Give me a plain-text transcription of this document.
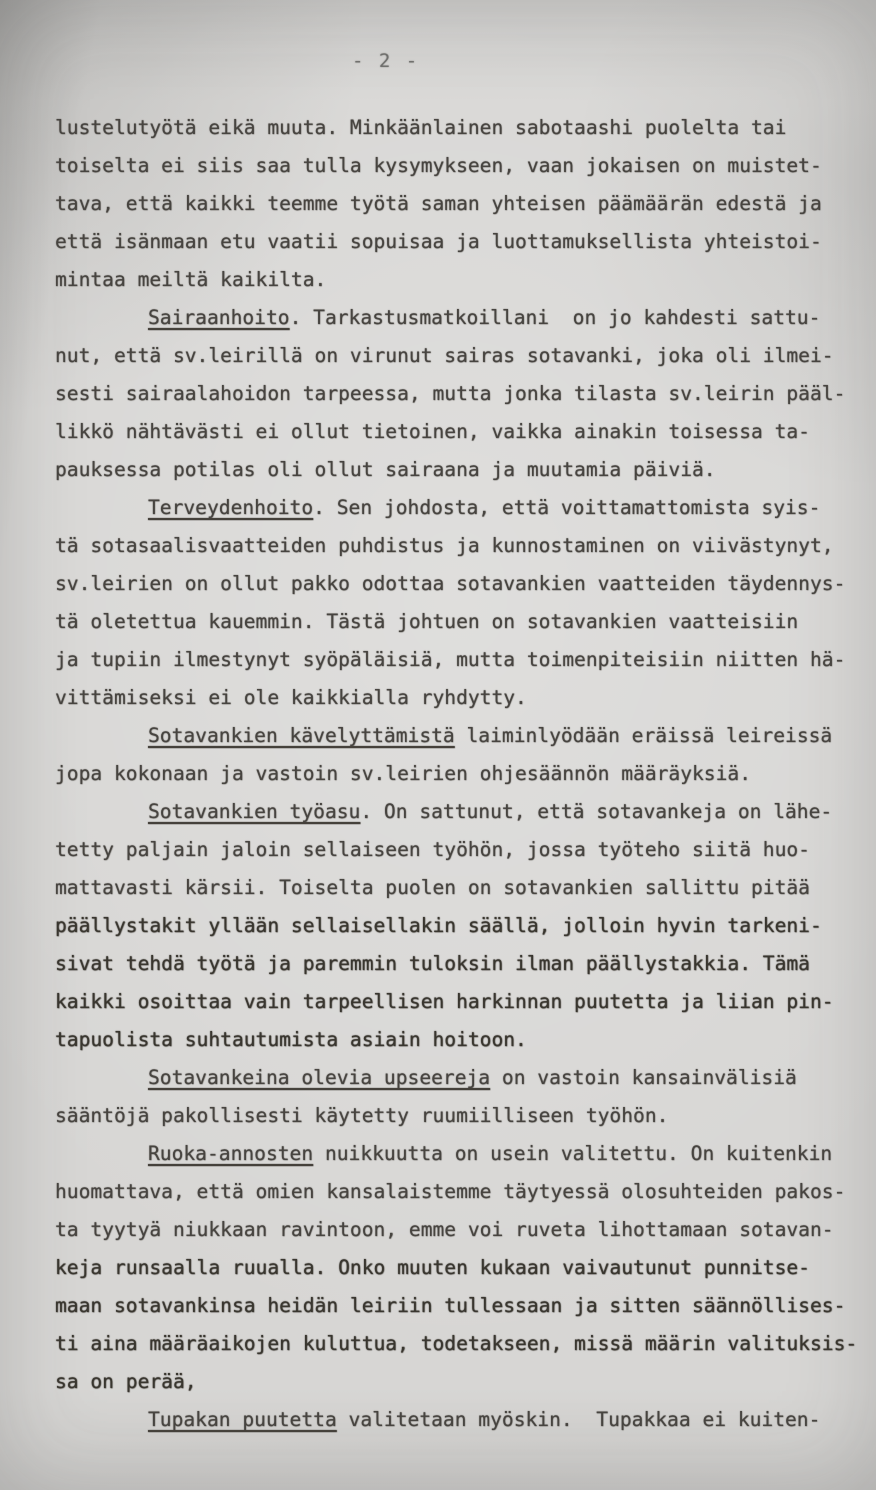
- 2 -
lustelutyötä eikä muuta. Minkäänlainen sabotaashi puolelta tai
toiselta ei siis saa tulla kysymykseen, vaan jokaisen on muistet-
tava, että kaikki teemme työtä saman yhteisen päämäärän edestä ja
että isänmaan etu vaatii sopuisaa ja luottamuksellista yhteistoi-
mintaa meiltä kaikilta.
Sairaanhoito. Tarkastusmatkoillani  on jo kahdesti sattu-
nut, että sv.leirillä on virunut sairas sotavanki, joka oli ilmei-
sesti sairaalahoidon tarpeessa, mutta jonka tilasta sv.leirin pääl-
likkö nähtävästi ei ollut tietoinen, vaikka ainakin toisessa ta-
pauksessa potilas oli ollut sairaana ja muutamia päiviä.
Terveydenhoito. Sen johdosta, että voittamattomista syis-
tä sotasaalisvaatteiden puhdistus ja kunnostaminen on viivästynyt,
sv.leirien on ollut pakko odottaa sotavankien vaatteiden täydennys-
tä oletettua kauemmin. Tästä johtuen on sotavankien vaatteisiin
ja tupiin ilmestynyt syöpäläisiä, mutta toimenpiteisiin niitten hä-
vittämiseksi ei ole kaikkialla ryhdytty.
Sotavankien kävelyttämistä laiminlyödään eräissä leireissä
jopa kokonaan ja vastoin sv.leirien ohjesäännön määräyksiä.
Sotavankien työasu. On sattunut, että sotavankeja on lähe-
tetty paljain jaloin sellaiseen työhön, jossa työteho siitä huo-
mattavasti kärsii. Toiselta puolen on sotavankien sallittu pitää
päällystakit yllään sellaisellakin säällä, jolloin hyvin tarkeni-
sivat tehdä työtä ja paremmin tuloksin ilman päällystakkia. Tämä
kaikki osoittaa vain tarpeellisen harkinnan puutetta ja liian pin-
tapuolista suhtautumista asiain hoitoon.
Sotavankeina olevia upseereja on vastoin kansainvälisiä
sääntöjä pakollisesti käytetty ruumiilliseen työhön.
Ruoka-annosten nuikkuutta on usein valitettu. On kuitenkin
huomattava, että omien kansalaistemme täytyessä olosuhteiden pakos-
ta tyytyä niukkaan ravintoon, emme voi ruveta lihottamaan sotavan-
keja runsaalla ruualla. Onko muuten kukaan vaivautunut punnitse-
maan sotavankinsa heidän leiriin tullessaan ja sitten säännöllises-
ti aina määräaikojen kuluttua, todetakseen, missä määrin valituksis-
sa on perää,
Tupakan puutetta valitetaan myöskin.  Tupakkaa ei kuiten-
